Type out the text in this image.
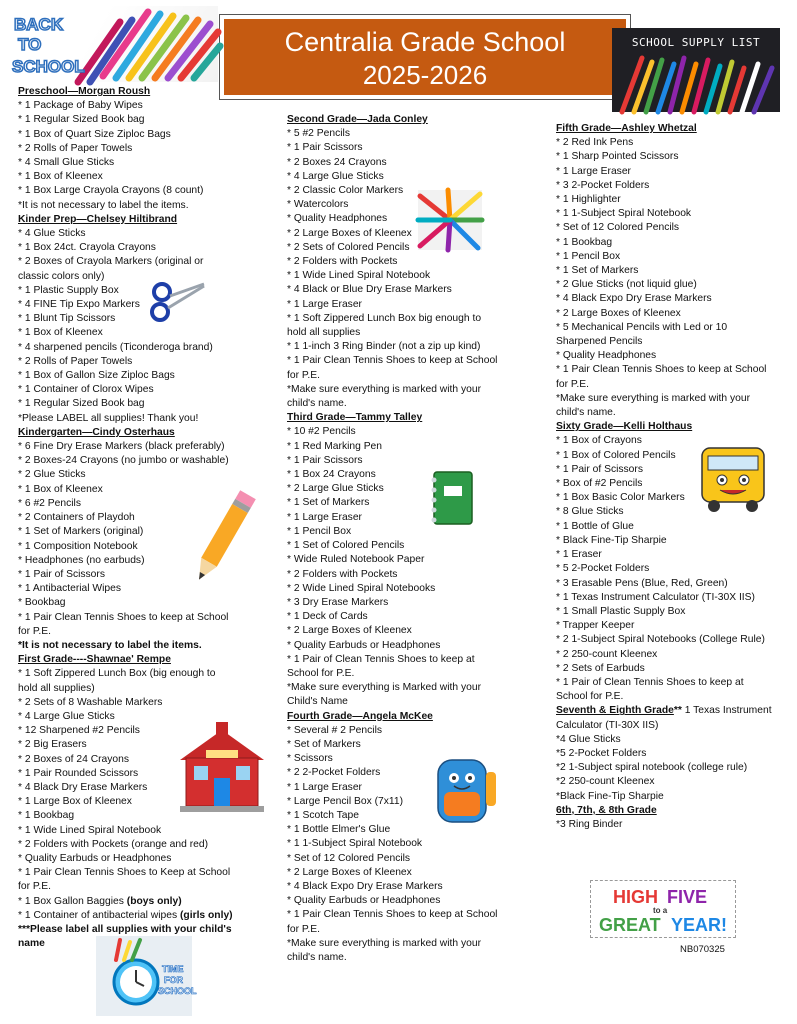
Centralia Grade School
2025-2026
BACK
TO
SCHOOL
SCHOOL SUPPLY LIST
Preschool—Morgan Roush
* 1 Package of Baby Wipes
* 1 Regular Sized Book bag
* 1 Box of Quart Size Ziploc Bags
* 2 Rolls of Paper Towels
* 4 Small Glue Sticks
* 1 Box of Kleenex
* 1 Box Large Crayola Crayons (8 count)
*It is not necessary to label the items.
Kinder Prep—Chelsey Hiltibrand
* 4 Glue Sticks
* 1 Box 24ct. Crayola Crayons
* 2 Boxes of Crayola Markers (original or
classic colors only)
* 1 Plastic Supply Box
* 4 FINE Tip Expo Markers
* 1 Blunt Tip Scissors
* 1 Box of Kleenex
* 4 sharpened pencils (Ticonderoga brand)
* 2 Rolls of Paper Towels
* 1 Box of Gallon Size Ziploc Bags
* 1 Container of Clorox Wipes
* 1 Regular Sized Book bag
*Please LABEL all supplies! Thank you!
Kindergarten—Cindy Osterhaus
* 6 Fine Dry Erase Markers (black preferably)
* 2 Boxes-24 Crayons (no jumbo or washable)
* 2 Glue Sticks
* 1 Box of Kleenex
* 6 #2 Pencils
* 2 Containers of Playdoh
* 1 Set of Markers (original)
* 1 Composition Notebook
* Headphones (no earbuds)
* 1 Pair of Scissors
* 1 Antibacterial Wipes
* Bookbag
* 1 Pair Clean Tennis Shoes to keep at School
for P.E.
*It is not necessary to label the items.
First Grade----Shawnae' Rempe
* 1 Soft Zippered Lunch Box (big enough to
hold all supplies)
* 2 Sets of 8 Washable Markers
* 4 Large Glue Sticks
* 12 Sharpened #2 Pencils
* 2 Big Erasers
* 2 Boxes of 24 Crayons
* 1 Pair Rounded Scissors
* 4 Black Dry Erase Markers
* 1 Large Box of Kleenex
* 1 Bookbag
* 1 Wide Lined Spiral Notebook
* 2 Folders with Pockets (orange and red)
* Quality Earbuds or Headphones
* 1 Pair Clean Tennis Shoes to Keep at School
for P.E.
* 1 Box Gallon Baggies (boys only)
* 1 Container of antibacterial wipes (girls only)
***Please label all supplies with your child's
name
Second Grade—Jada Conley
* 5 #2 Pencils
* 1 Pair Scissors
* 2 Boxes 24 Crayons
* 4 Large Glue Sticks
* 2 Classic Color Markers
* Watercolors
* Quality Headphones
* 2 Large Boxes of Kleenex
* 2 Sets of Colored Pencils
* 2 Folders with Pockets
* 1 Wide Lined Spiral Notebook
* 4 Black or Blue Dry Erase Markers
* 1 Large Eraser
* 1 Soft Zippered Lunch Box big enough to
hold all supplies
* 1 1-inch 3 Ring Binder (not a zip up kind)
* 1 Pair Clean Tennis Shoes to keep at School
for P.E.
*Make sure everything is marked with your
child's name.
Third Grade—Tammy Talley
* 10 #2 Pencils
* 1 Red Marking Pen
* 1 Pair Scissors
* 1 Box 24 Crayons
* 2 Large Glue Sticks
* 1 Set of Markers
* 1 Large Eraser
* 1 Pencil Box
* 1 Set of Colored Pencils
* Wide Ruled Notebook Paper
* 2 Folders with Pockets
* 2 Wide Lined Spiral Notebooks
* 3 Dry Erase Markers
* 1 Deck of Cards
* 2 Large Boxes of Kleenex
* Quality Earbuds or Headphones
* 1 Pair of Clean Tennis Shoes to keep at
School for P.E.
*Make sure everything is Marked with your
Child's Name
Fourth Grade—Angela McKee
* Several # 2 Pencils
* Set of Markers
* Scissors
* 2 2-Pocket Folders
* 1 Large Eraser
* Large Pencil Box (7x11)
* 1 Scotch Tape
* 1 Bottle Elmer's Glue
* 1 1-Subject Spiral Notebook
* Set of 12 Colored Pencils
* 2 Large Boxes of Kleenex
* 4 Black Expo Dry Erase Markers
* Quality Earbuds or Headphones
* 1 Pair Clean Tennis Shoes to keep at School
for P.E.
*Make sure everything is marked with your
child's name.
Fifth Grade—Ashley Whetzal
* 2 Red Ink Pens
* 1 Sharp Pointed Scissors
* 1 Large Eraser
* 3 2-Pocket Folders
* 1 Highlighter
* 1 1-Subject Spiral Notebook
* Set of 12 Colored Pencils
* 1 Bookbag
* 1 Pencil Box
* 1 Set of Markers
* 2 Glue Sticks (not liquid glue)
* 4 Black Expo Dry Erase Markers
* 2 Large Boxes of Kleenex
* 5 Mechanical Pencils with Led or 10
Sharpened Pencils
* Quality Headphones
* 1 Pair Clean Tennis Shoes to keep at School
for P.E.
*Make sure everything is marked with your
child's name.
Sixty Grade—Kelli Holthaus
* 1 Box of Crayons
* 1 Box of Colored Pencils
* 1 Pair of Scissors
* Box of #2 Pencils
* 1 Box Basic Color Markers
* 8 Glue Sticks
* 1 Bottle of Glue
* Black Fine-Tip Sharpie
* 1 Eraser
* 5 2-Pocket Folders
* 3 Erasable Pens (Blue, Red, Green)
* 1 Texas Instrument Calculator (TI-30X IIS)
* 1 Small Plastic Supply Box
* Trapper Keeper
* 2 1-Subject Spiral Notebooks (College Rule)
* 2 250-count Kleenex
* 2 Sets of Earbuds
* 1 Pair of Clean Tennis Shoes to keep at
School for P.E.
Seventh & Eighth Grade** 1 Texas Instrument
Calculator (TI-30X IIS)
*4 Glue Sticks
*5 2-Pocket Folders
*2 1-Subject spiral notebook (college rule)
*2 250-count Kleenex
*Black Fine-Tip Sharpie
6th, 7th, & 8th Grade
*3 Ring Binder
TIME
FOR
SCHOOL
HIGH FIVE
to a
GREAT YEAR!
NB070325
